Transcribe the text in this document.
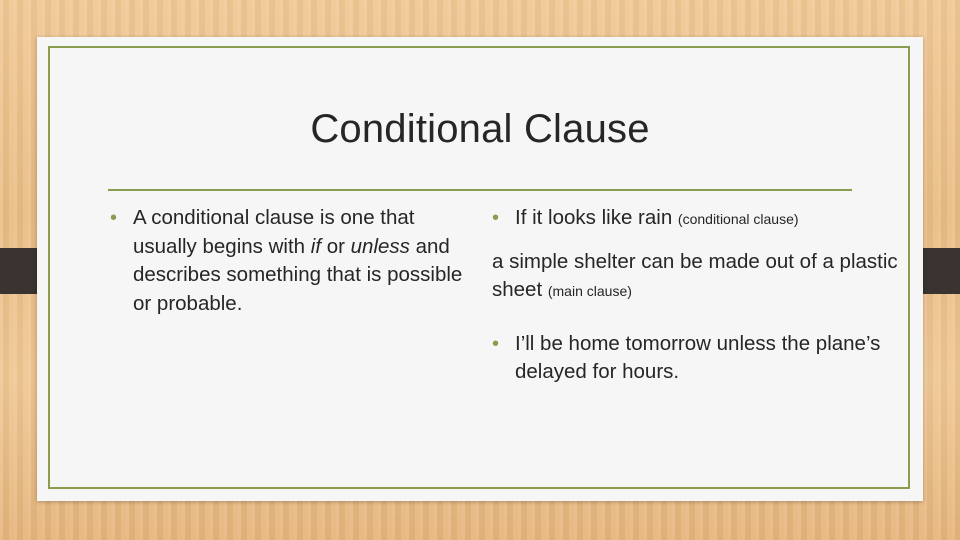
Conditional Clause
• A conditional clause is one that usually begins with if or unless and describes something that is possible or probable.
• If it looks like rain (conditional clause)
a simple shelter can be made out of a plastic sheet (main clause)
• I’ll be home tomorrow unless the plane’s delayed for hours.
